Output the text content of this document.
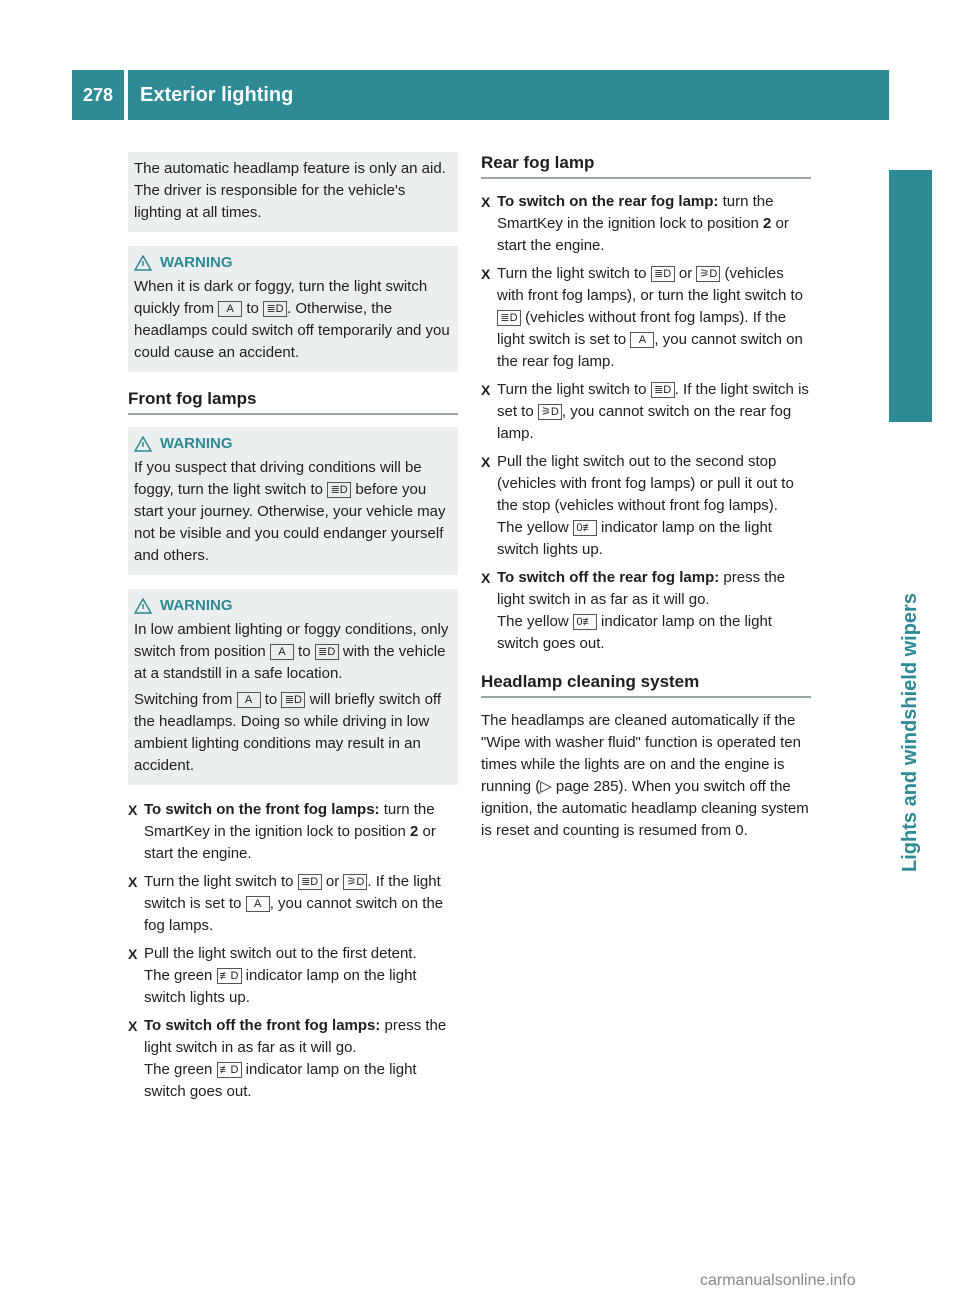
278	Exterior lighting
Lights and windshield wipers

The automatic headlamp feature is only an aid. The driver is responsible for the vehicle's lighting at all times.

WARNING

When it is dark or foggy, turn the light switch quickly from A to ≣D . Otherwise, the headlamps could switch off temporarily and you could cause an accident.

Front fog lamps
WARNING

If you suspect that driving conditions will be foggy, turn the light switch to ≣D before you start your journey. Otherwise, your vehicle may not be visible and you could endanger yourself and others.

WARNING

In low ambient lighting or foggy conditions, only switch from position A to ≣D with the vehicle at a standstill in a safe location.

Switching from A to ≣D will briefly switch off the headlamps. Doing so while driving in low ambient lighting conditions may result in an accident.

X To switch on the front fog lamps: turn the SmartKey in the ignition lock to position 2 or start the engine.
X Turn the light switch to ≣D or ⚞D . If the light switch is set to A , you cannot switch on the fog lamps.
X Pull the light switch out to the first detent.
The green ≢D indicator lamp on the light switch lights up.
X To switch off the front fog lamps: press the light switch in as far as it will go.
The green ≢D indicator lamp on the light switch goes out.
Rear fog lamp
X To switch on the rear fog lamp: turn the SmartKey in the ignition lock to position 2 or start the engine.
X Turn the light switch to ≣D or ⚞D (vehicles with front fog lamps), or turn the light switch to ≣D (vehicles without front fog lamps). If the light switch is set to A , you cannot switch on the rear fog lamp.
X Turn the light switch to ≣D . If the light switch is set to ⚞D , you cannot switch on the rear fog lamp.
X Pull the light switch out to the second stop (vehicles with front fog lamps) or pull it out to the stop (vehicles without front fog lamps).
The yellow 0≢ indicator lamp on the light switch lights up.
X To switch off the rear fog lamp: press the light switch in as far as it will go.
The yellow 0≢ indicator lamp on the light switch goes out.
Headlamp cleaning system

The headlamps are cleaned automatically if the "Wipe with washer fluid" function is operated ten times while the lights are on and the engine is running (▷ page 285). When you switch off the ignition, the automatic headlamp cleaning system is reset and counting is resumed from 0.

carmanualsonline.info
